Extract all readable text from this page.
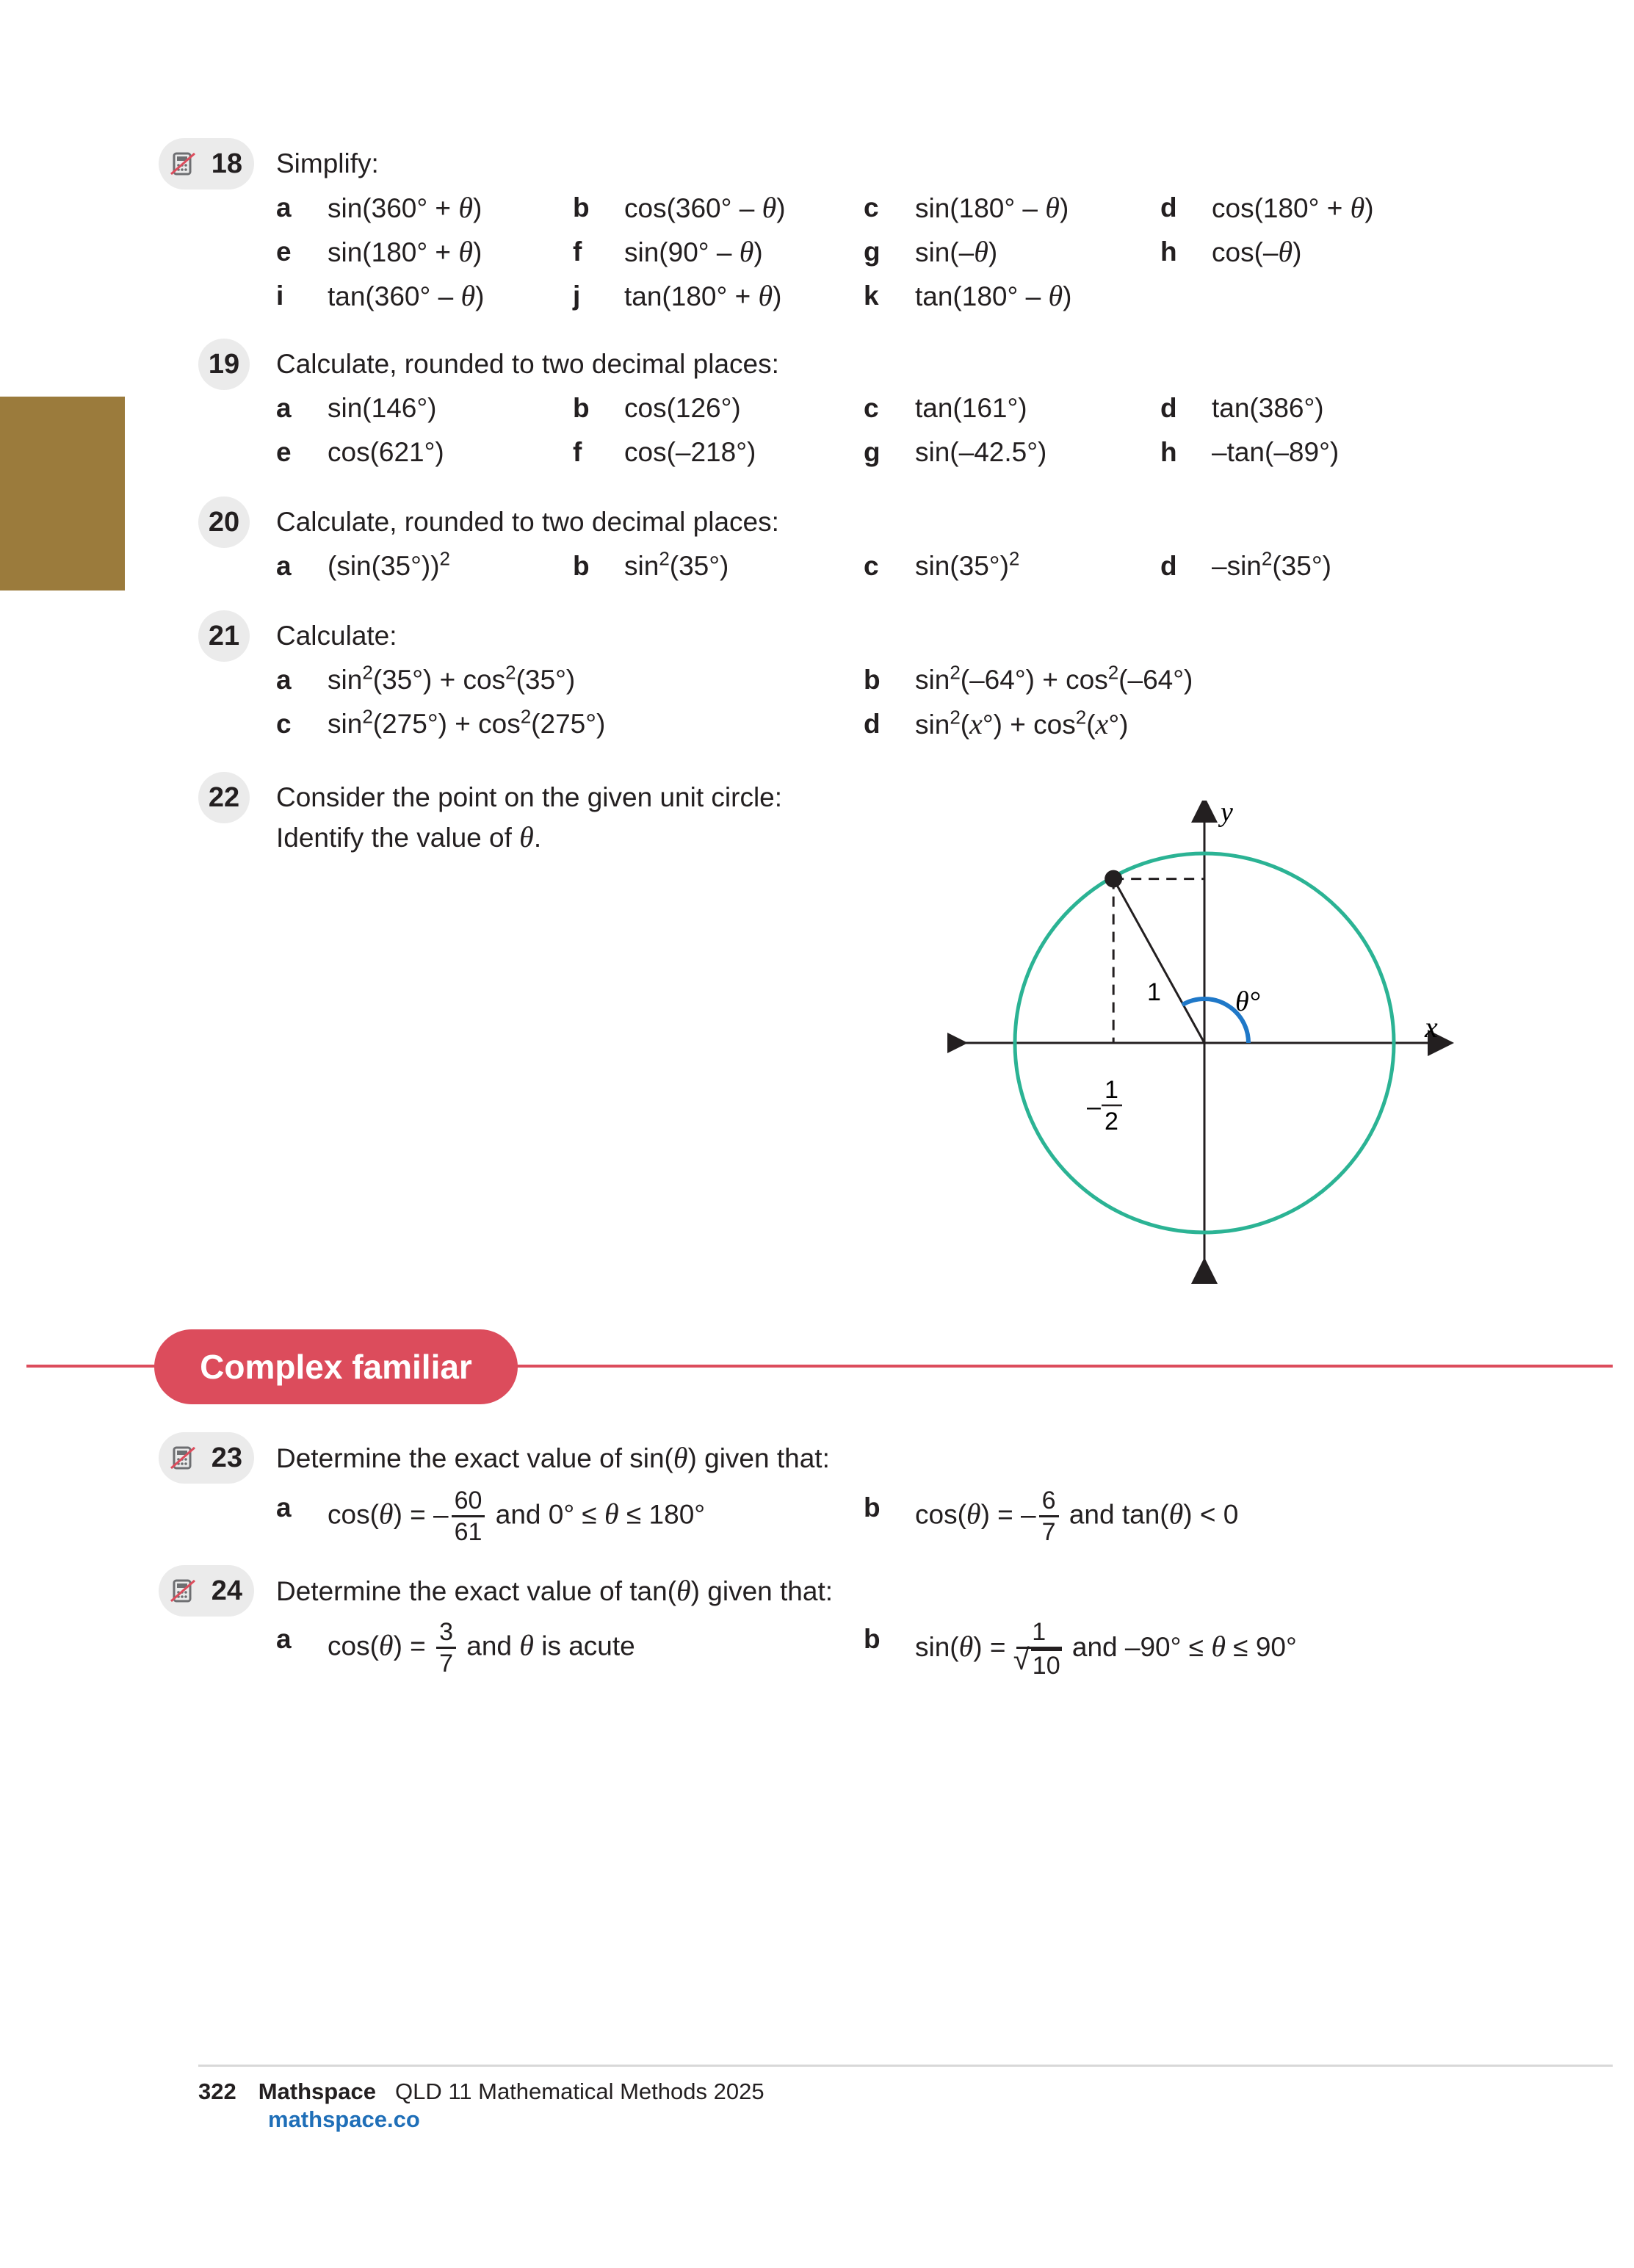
18 Simplify:
a	sin(360° + θ)	b	cos(360° – θ)	c	sin(180° – θ)	d	cos(180° + θ)
e	sin(180° + θ)	f	sin(90° – θ)	g	sin(–θ)	h	cos(–θ)
i	tan(360° – θ)	j	tan(180° + θ)	k	tan(180° – θ)
19	Calculate, rounded to two decimal places:
a	sin(146°)	b	cos(126°)	c	tan(161°)	d	tan(386°)
e	cos(621°)	f	cos(–218°)	g	sin(–42.5°)	h	–tan(–89°)
20	Calculate, rounded to two decimal places:
a	$(\sin(35^\circ))^2$	b	$\sin^2(35^\circ)$	c	$\sin(35^\circ)^2$	d	$-\sin^2(35^\circ)$
21	Calculate:
a	$\sin^2(35^\circ) + \cos^2(35^\circ)$	b	$\sin^2(-64^\circ) + \cos^2(-64^\circ)$
c	$\sin^2(275^\circ) + \cos^2(275^\circ)$	d	$\sin^2(x^\circ) + \cos^2(x^\circ)$
22	Consider the point on the given unit circle:
Identify the value of θ.
y
x
1	θ°
–
1
2
Complex familiar
23 Determine the exact value of sin(θ) given that:
a	cos(θ) = – $\frac{60}{61}$ and 0° ≤ θ ≤ 180°	b	cos(θ) = – $\frac{6}{7}$ and tan(θ) < 0
24 Determine the exact value of tan(θ) given that:
a	$\cos(\theta) = \frac{3}{7}$ and θ is acute	b	sin(θ) = 1
√ 10 and –90° ≤ θ ≤ 90°
322 Mathspace QLD 11 Mathematical Methods 2025
mathspace.co
